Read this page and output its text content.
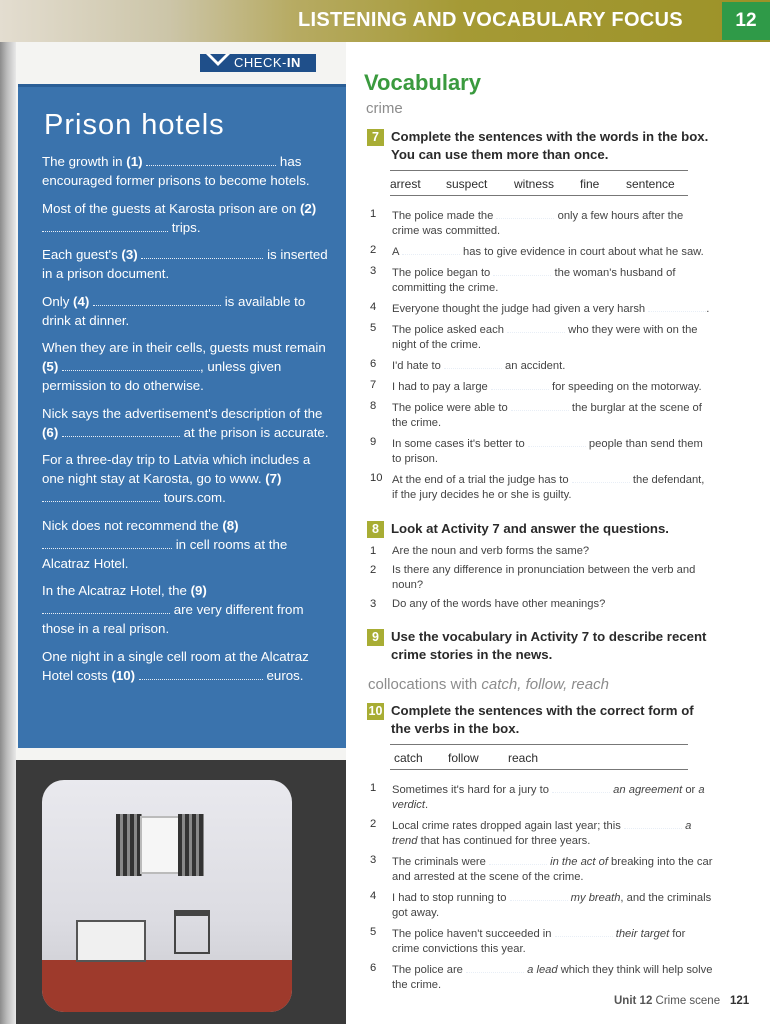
LISTENING AND VOCABULARY FOCUS	12
CHECK-IN
Prison hotels

The growth in (1)	has encouraged former prisons to become hotels.

Most of the guests at Karosta prison are on (2)  trips.

Each guest's (3)	is inserted in a prison document.

Only (4)	is available to drink at dinner.

When they are in their cells, guests must remain (5)	, unless given permission to do otherwise.

Nick says the advertisement's description of the (6)	at the prison is accurate.

For a three-day trip to Latvia which includes a one night stay at Karosta, go to www. (7)  tours.com.

Nick does not recommend the (8)  in cell rooms at the Alcatraz Hotel.

In the Alcatraz Hotel, the (9)  are very different from those in a real prison.

One night in a single cell room at the Alcatraz Hotel costs (10)	euros.

Vocabulary
crime
7 Complete the sentences with the words in the box. You can use them more than once.
arrest suspect witness fine sentence
1 The police made the	only a few hours after the crime was committed.
2 A	has to give evidence in court about what he saw.
3 The police began to	the woman's husband of committing the crime.
4 Everyone thought the judge had given a very harsh	.
5 The police asked each	who they were with on the night of the crime.
6 I'd hate to	an accident.
7 I had to pay a large	for speeding on the motorway.
8 The police were able to	the burglar at the scene of the crime.
9 In some cases it's better to	people than send them to prison.
10 At the end of a trial the judge has to	the defendant, if the jury decides he or she is guilty.
8 Look at Activity 7 and answer the questions.
1 Are the noun and verb forms the same?
2 Is there any difference in pronunciation between the verb and noun?
3 Do any of the words have other meanings?
9 Use the vocabulary in Activity 7 to describe recent crime stories in the news.
collocations with catch, follow, reach
10 Complete the sentences with the correct form of the verbs in the box.
catch follow reach
1 Sometimes it's hard for a jury to	an agreement or a verdict.
2 Local crime rates dropped again last year; this	a trend that has continued for three years.
3 The criminals were	in the act of breaking into the car and arrested at the scene of the crime.
4 I had to stop running to	my breath, and the criminals got away.
5 The police haven't succeeded in	their target for crime convictions this year.
6 The police are	a lead which they think will help solve the crime.
Unit 12 Crime scene 121
